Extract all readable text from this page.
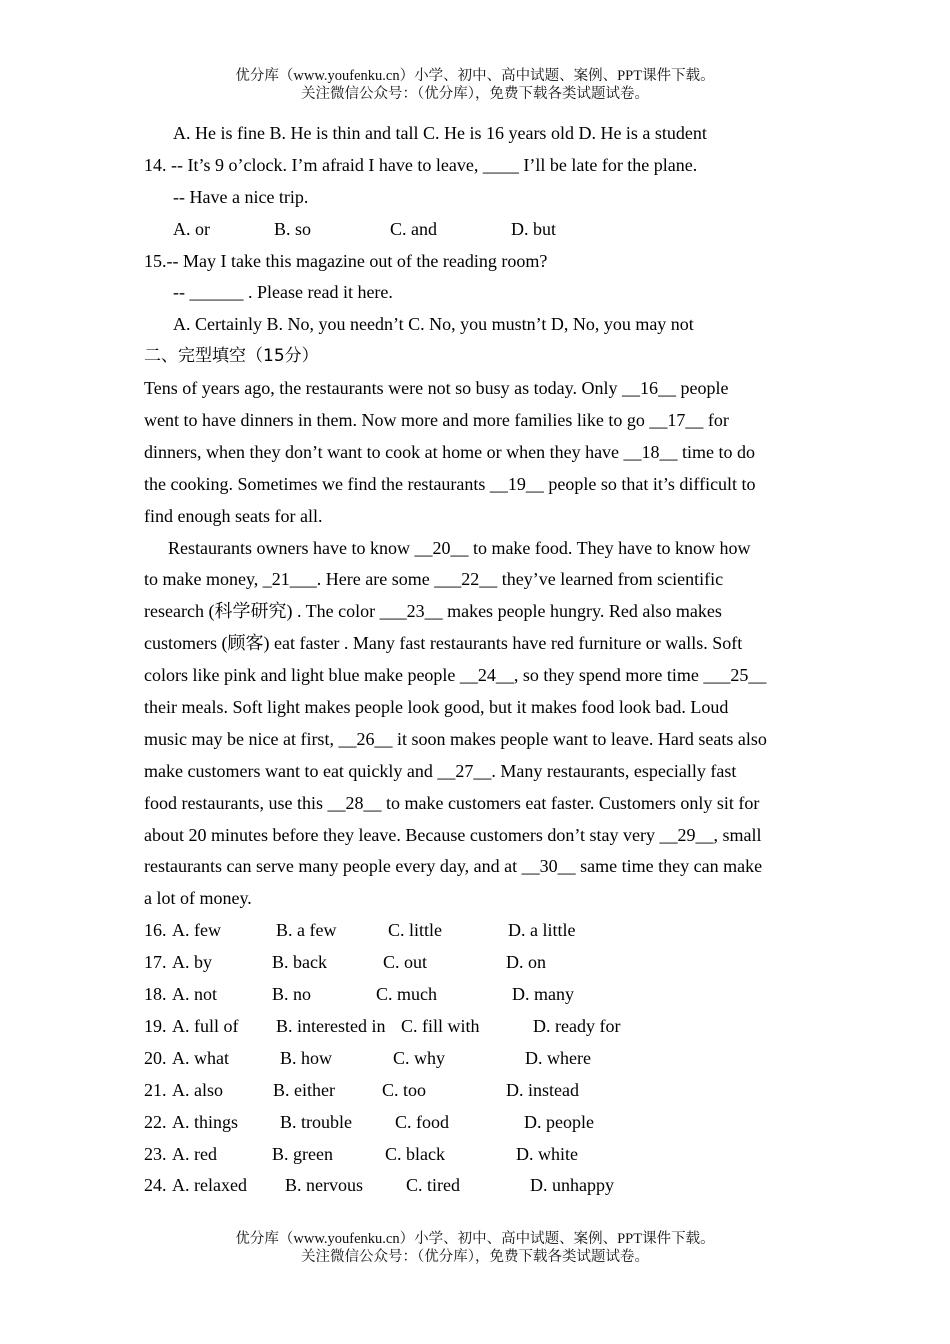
优分库（www.youfenku.cn）小学、初中、高中试题、案例、PPT课件下载。
关注微信公众号：（优分库），免费下载各类试题试卷。
A. He is fine B. He is thin and tall C. He is 16 years old D. He is a student
14. -- It’s 9 o’clock. I’m afraid I have to leave, ____ I’ll be late for the plane.
-- Have a nice trip.
A. or	B. so	C. and	D. but
15.-- May I take this magazine out of the reading room?
-- ______ . Please read it here.
A. Certainly B. No, you needn’t C. No, you mustn’t D, No, you may not
二、完型填空（15分）
Tens of years ago, the restaurants were not so busy as today. Only __16__ people
went to have dinners in them. Now more and more families like to go __17__ for
dinners, when they don’t want to cook at home or when they have __18__ time to do
the cooking. Sometimes we find the restaurants __19__ people so that it’s difficult to
find enough seats for all.
Restaurants owners have to know __20__ to make food. They have to know how
to make money, _21___. Here are some ___22__ they’ve learned from scientific
research (科学研究) . The color ___23__ makes people hungry. Red also makes
customers (顾客) eat faster . Many fast restaurants have red furniture or walls. Soft
colors like pink and light blue make people __24__, so they spend more time ___25__
their meals. Soft light makes people look good, but it makes food look bad. Loud
music may be nice at first, __26__ it soon makes people want to leave. Hard seats also
make customers want to eat quickly and __27__. Many restaurants, especially fast
food restaurants, use this __28__ to make customers eat faster. Customers only sit for
about 20 minutes before they leave. Because customers don’t stay very __29__, small
restaurants can serve many people every day, and at __30__ same time they can make
a lot of money.
16. A. few	B. a few	C. little	D. a little
17. A. by	B. back	C. out	D. on
18. A. not	B. no	C. much	D. many
19. A. full of B. interested in C. fill with	D. ready for
20. A. what	B. how	C. why	D. where
21. A. also	B. either	C. too	D. instead
22. A. things B. trouble C. food	D. people
23. A. red	B. green	C. black	D. white
24. A. relaxed B. nervous C. tired	D. unhappy
优分库（www.youfenku.cn）小学、初中、高中试题、案例、PPT课件下载。
关注微信公众号：（优分库），免费下载各类试题试卷。
